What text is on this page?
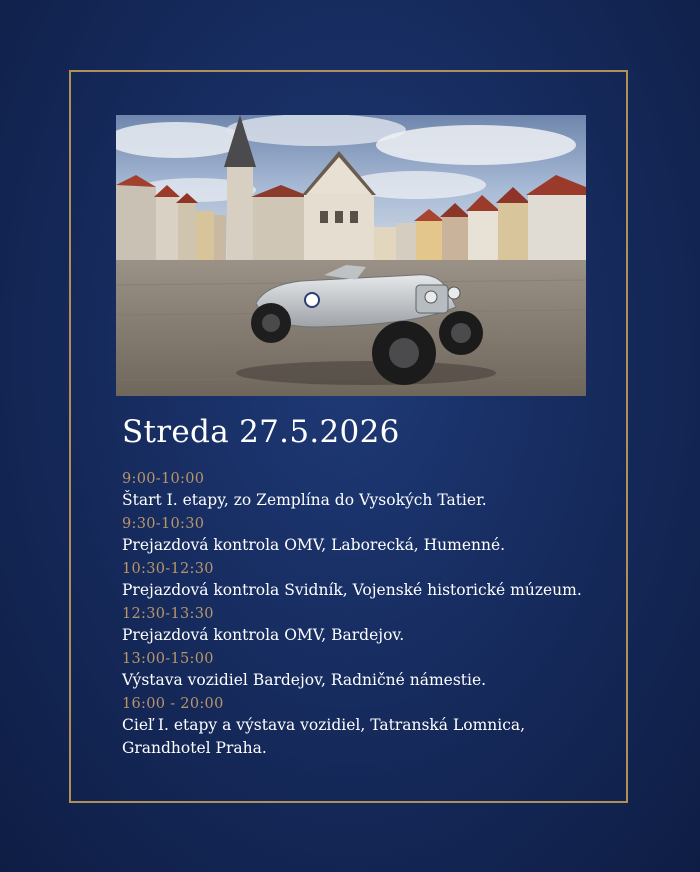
Streda 27.5.2026
9:00-10:00
Štart I. etapy, zo Zemplína do Vysokých Tatier.
9:30-10:30
Prejazdová kontrola OMV, Laborecká, Humenné.
10:30-12:30
Prejazdová kontrola Svidník, Vojenské historické múzeum.
12:30-13:30
Prejazdová kontrola OMV, Bardejov.
13:00-15:00
Výstava vozidiel Bardejov, Radničné námestie.
16:00 - 20:00
Cieľ I. etapy a výstava vozidiel, Tatranská Lomnica, Grandhotel Praha.
